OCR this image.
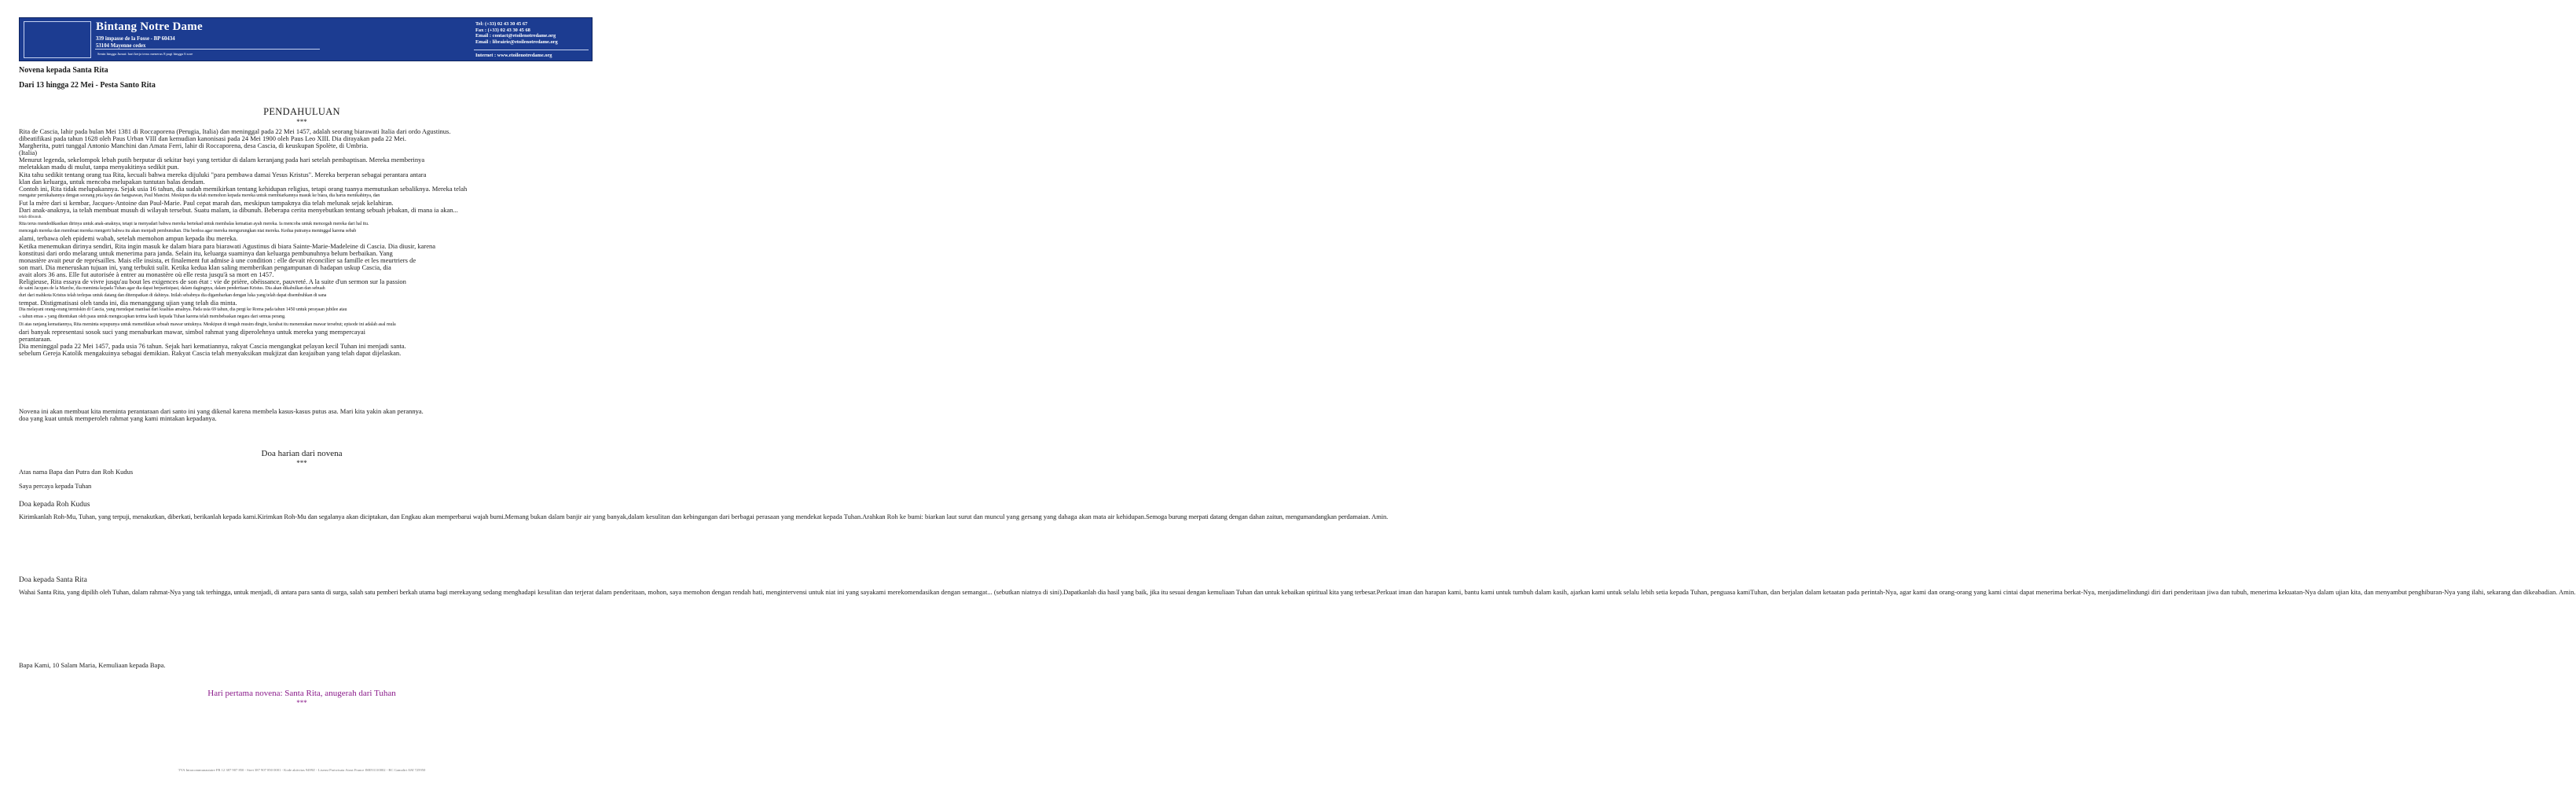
Bintang Notre Dame
339 impasse de la Fosse - BP 60434
53104 Mayenne cedex
Senin hingga Jumat: hari kerja terus menerus 8 pagi hingga 6 sore
Tel: (+33) 02 43 30 45 67
Fax : (+33) 02 43 30 45 68
Email : contact@etoilenotredame.org
Email : librairie@etoilenotredame.org
Internet : www.etoilenotredame.org
Novena kepada Santa Rita
Dari 13 hingga 22 Mei - Pesta Santo Rita
PENDAHULUAN
***
Rita de Cascia, lahir pada bulan Mei 1381 di Roccaporena (Perugia, Italia) dan meninggal pada 22 Mei 1457, adalah seorang biarawati Italia dari ordo Agustinus.
dibeatifikasi pada tahun 1628 oleh Paus Urban VIII dan kemudian kanonisasi pada 24 Mei 1900 oleh Paus Leo XIII. Dia dirayakan pada 22 Mei.
Margherita, putri tunggal Antonio Manchini dan Amata Ferri, lahir di Roccaporena, desa Cascia, di keuskupan Spolète, di Umbria.
(Italia)
Menurut legenda, sekelompok lebah putih berputar di sekitar bayi yang tertidur di dalam keranjang pada hari setelah pembaptisan. Mereka memberinya
meletakkan madu di mulut, tanpa menyakitinya sedikit pun.
Kita tahu sedikit tentang orang tua Rita, kecuali bahwa mereka dijuluki "para pembawa damai Yesus Kristus". Mereka berperan sebagai perantara antara
klan dan keluarga, untuk mencoba melupakan tuntutan balas dendam.
Contoh ini, Rita tidak melupakannya. Sejak usia 16 tahun, dia sudah memikirkan tentang kehidupan religius, tetapi orang tuanya memutuskan sebaliknya. Mereka telah
mengatur pernikahannya dengan seorang pria kaya dan bangsawan, Paul Mancini. Meskipun dia telah memohon kepada mereka untuk membiarkannya masuk ke biara, dia harus menikahinya, dan
Fut la mère dari si kembar, Jacques-Antoine dan Paul-Marie. Paul cepat marah dan, meskipun tampaknya dia telah melunak sejak kelahiran.
Dari anak-anaknya, ia telah membuat musuh di wilayah tersebut. Suatu malam, ia dibunuh. Beberapa cerita menyebutkan tentang sebuah jebakan, di mana ia akan...
telah dibunuh.
Rita terus mendedikasikan dirinya untuk anak-anaknya, tetapi ia menyadari bahwa mereka bertekad untuk membalas kematian ayah mereka. Ia mencoba untuk mencegah mereka dari hal itu.
mencegah mereka dan membuat mereka mengerti bahwa itu akan menjadi pembunuhan. Dia berdoa agar mereka mengurungkan niat mereka. Kedua putranya meninggal karena sebab
alami, terbawa oleh epidemi wabah, setelah memohon ampun kepada ibu mereka.
Ketika menemukan dirinya sendiri, Rita ingin masuk ke dalam biara para biarawati Agustinus di biara Sainte-Marie-Madeleine di Cascia. Dia diusir, karena
konstitusi dari ordo melarang untuk menerima para janda. Selain itu, keluarga suaminya dan keluarga pembunuhnya belum berbaikan. Yang
monastère avait peur de représailles. Mais elle insista, et finalement fut admise à une condition : elle devait réconcilier sa famille et les meurtriers de
son mari. Dia meneruskan tujuan ini, yang terbukti sulit. Ketika kedua klan saling memberikan pengampunan di hadapan uskup Cascia, dia
avait alors 36 ans. Elle fut autorisée à entrer au monastère où elle resta jusqu'à sa mort en 1457.
Religieuse, Rita essaya de vivre jusqu'au bout les exigences de son état : vie de prière, obéissance, pauvreté. A la suite d'un sermon sur la passion
de saint Jacques de la Marche, dia meminta kepada Tuhan agar dia dapat berpartisipasi, dalam dagingnya, dalam penderitaan Kristus. Dia akan dikabulkan dan sebuah
duri dari mahkota Kristus telah terlepas untuk datang dan ditempatkan di dahinya. Inilah sebabnya dia digambarkan dengan luka yang telah dapat disembuhkan di sana
tempat. Distigmatisasi oleh tanda ini, dia menanggung ujian yang telah dia minta.
Dia melayani orang-orang termiskin di Cascia, yang mendapat manfaat dari kualitas amalnya. Pada usia 69 tahun, dia pergi ke Roma pada tahun 1450 untuk perayaan jubilee atau
« tahun emas » yang ditentukan oleh paus untuk mengucapkan terima kasih kepada Tuhan karena telah membebaskan negara dari semua perang.
Di atas ranjang kematiannya, Rita meminta sepupunya untuk memetikkan sebuah mawar untuknya. Meskipun di tengah musim dingin, kerabat itu menemukan mawar tersebut; episode ini adalah asal mula
dari banyak representasi sosok suci yang menaburkan mawar, simbol rahmat yang diperolehnya untuk mereka yang mempercayai
perantaraan.
Dia meninggal pada 22 Mei 1457, pada usia 76 tahun. Sejak hari kematiannya, rakyat Cascia mengangkat pelayan kecil Tuhan ini menjadi santa.
sebelum Gereja Katolik mengakuinya sebagai demikian. Rakyat Cascia telah menyaksikan mukjizat dan keajaiban yang telah dapat dijelaskan.
Novena ini akan membuat kita meminta perantaraan dari santo ini yang dikenal karena membela kasus-kasus putus asa. Mari kita yakin akan perannya.
doa yang kuat untuk memperoleh rahmat yang kami mintakan kepadanya.
Doa harian dari novena
***
Atas nama Bapa dan Putra dan Roh Kudus
Saya percaya kepada Tuhan
Doa kepada Roh Kudus
Kirimkanlah Roh-Mu, Tuhan, yang terpuji, menakutkan, diberkati, berikanlah kepada kami.Kirimkan Roh-Mu dan segalanya akan diciptakan, dan Engkau akan memperbarui wajah bumi.Memang bukan dalam banjir air yang banyak,dalam kesulitan dan kebingungan dari berbagai perasaan yang mendekat kepada Tuhan.Arahkan Roh ke bumi: biarkan laut surut dan muncul yang gersang yang dahaga akan mata air kehidupan.Semoga burung merpati datang dengan dahan zaitun, mengumandangkan perdamaian. Amin.
Doa kepada Santa Rita
Wahai Santa Rita, yang dipilih oleh Tuhan, dalam rahmat-Nya yang tak terhingga, untuk menjadi, di antara para santa di surga, salah satu pemberi berkah utama bagi merekayang sedang menghadapi kesulitan dan terjerat dalam penderitaan, mohon, saya memohon dengan rendah hati, mengintervensi untuk niat ini yang sayakami merekomendasikan dengan semangat... (sebutkan niatnya di sini).Dapatkanlah dia hasil yang baik, jika itu sesuai dengan kemuliaan Tuhan dan untuk kebaikan spiritual kita yang terbesar.Perkuat iman dan harapan kami, bantu kami untuk tumbuh dalam kasih, ajarkan kami untuk selalu lebih setia kepada Tuhan, penguasa kamiTuhan, dan berjalan dalam ketaatan pada perintah-Nya, agar kami dan orang-orang yang kami cintai dapat menerima berkat-Nya, menjadimelindungi diri dari penderitaan jiwa dan tubuh, menerima kekuatan-Nya dalam ujian kita, dan menyambut penghiburan-Nya yang ilahi, sekarang dan dikeabadian. Amin.
Bapa Kami, 10 Salam Maria, Kemuliaan kepada Bapa.
Hari pertama novena: Santa Rita, anugerah dari Tuhan
***
TVA Intracommunautaire FR 12 387 907 850 - Siret 387 907 850 0001 - Kode aktivitas 9499Z - Lisensi Pariwisata Atout France IM053110002 - RC Gamaltri AM 725950
